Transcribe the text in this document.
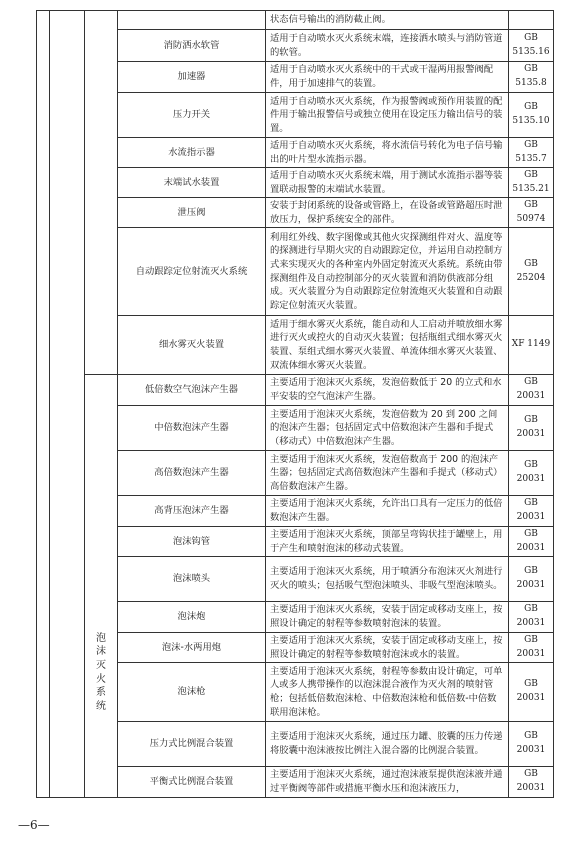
				状态信号输出的消防截止阀。	
			消防洒水软管	适用于自动喷水灭火系统末端，连接洒水喷头与消防管道的软管。	GB 5135.16
			加速器	适用于自动喷水灭火系统中的干式或干湿两用报警阀配件，用于加速排气的装置。	GB 5135.8
			压力开关	适用于自动喷水灭火系统，作为报警阀或预作用装置的配件用于输出报警信号或独立使用在设定压力输出信号的装置。	GB 5135.10
			水流指示器	适用于自动喷水灭火系统，将水流信号转化为电子信号输出的叶片型水流指示器。	GB 5135.7
			末端试水装置	适用于自动喷水灭火系统末端，用于测试水流指示器等装置联动报警的末端试水装置。	GB 5135.21
			泄压阀	安装于封闭系统的设备或管路上，在设备或管路超压时泄放压力，保护系统安全的部件。	GB 50974
			自动跟踪定位射流灭火系统	利用红外线、数字图像或其他火灾探测组件对火、温度等的探测进行早期火灾的自动跟踪定位，并运用自动控制方式来实现灭火的各种室内外固定射流灭火系统。系统由带探测组件及自动控制部分的灭火装置和消防供液部分组成。灭火装置分为自动跟踪定位射流炮灭火装置和自动跟踪定位射流灭火装置。	GB 25204
			细水雾灭火装置	适用于细水雾灭火系统，能自动和人工启动并喷放细水雾进行灭火或控火的自动灭火装置；包括瓶组式细水雾灭火装置、泵组式细水雾灭火装置、单流体细水雾灭火装置、双流体细水雾灭火装置。	XF 1149
		泡沫灭火系统	低倍数空气泡沫产生器	主要适用于泡沫灭火系统，发泡倍数低于 20 的立式和水平安装的空气泡沫产生器。	GB 20031
			中倍数泡沫产生器	主要适用于泡沫灭火系统，发泡倍数为 20 到 200 之间的泡沫产生器；包括固定式中倍数泡沫产生器和手提式（移动式）中倍数泡沫产生器。	GB 20031
			高倍数泡沫产生器	主要适用于泡沫灭火系统，发泡倍数高于 200 的泡沫产生器；包括固定式高倍数泡沫产生器和手提式（移动式）高倍数泡沫产生器。	GB 20031
			高背压泡沫产生器	主要适用于泡沫灭火系统，允许出口具有一定压力的低倍数泡沫产生器。	GB 20031
			泡沫钩管	主要适用于泡沫灭火系统，顶部呈弯钩状挂于罐壁上，用于产生和喷射泡沫的移动式装置。	GB 20031
			泡沫喷头	主要适用于泡沫灭火系统，用于喷洒分布泡沫灭火剂进行灭火的喷头；包括吸气型泡沫喷头、非吸气型泡沫喷头。	GB 20031
			泡沫炮	主要适用于泡沫灭火系统，安装于固定或移动支座上，按照设计确定的射程等参数喷射泡沫的装置。	GB 20031
			泡沫-水两用炮	主要适用于泡沫灭火系统，安装于固定或移动支座上，按照设计确定的射程等参数喷射泡沫或水的装置。	GB 20031
			泡沫枪	主要适用于泡沫灭火系统，射程等参数由设计确定，可单人或多人携带操作的以泡沫混合液作为灭火剂的喷射管枪；包括低倍数泡沫枪、中倍数泡沫枪和低倍数-中倍数联用泡沫枪。	GB 20031
			压力式比例混合装置	主要适用于泡沫灭火系统，通过压力罐、胶囊的压力传递将胶囊中泡沫液按比例注入混合器的比例混合装置。	GB 20031
			平衡式比例混合装置	主要适用于泡沫灭火系统，通过泡沫液泵提供泡沫液并通过平衡阀等部件或措施平衡水压和泡沫液压力，	GB 20031
—6—
